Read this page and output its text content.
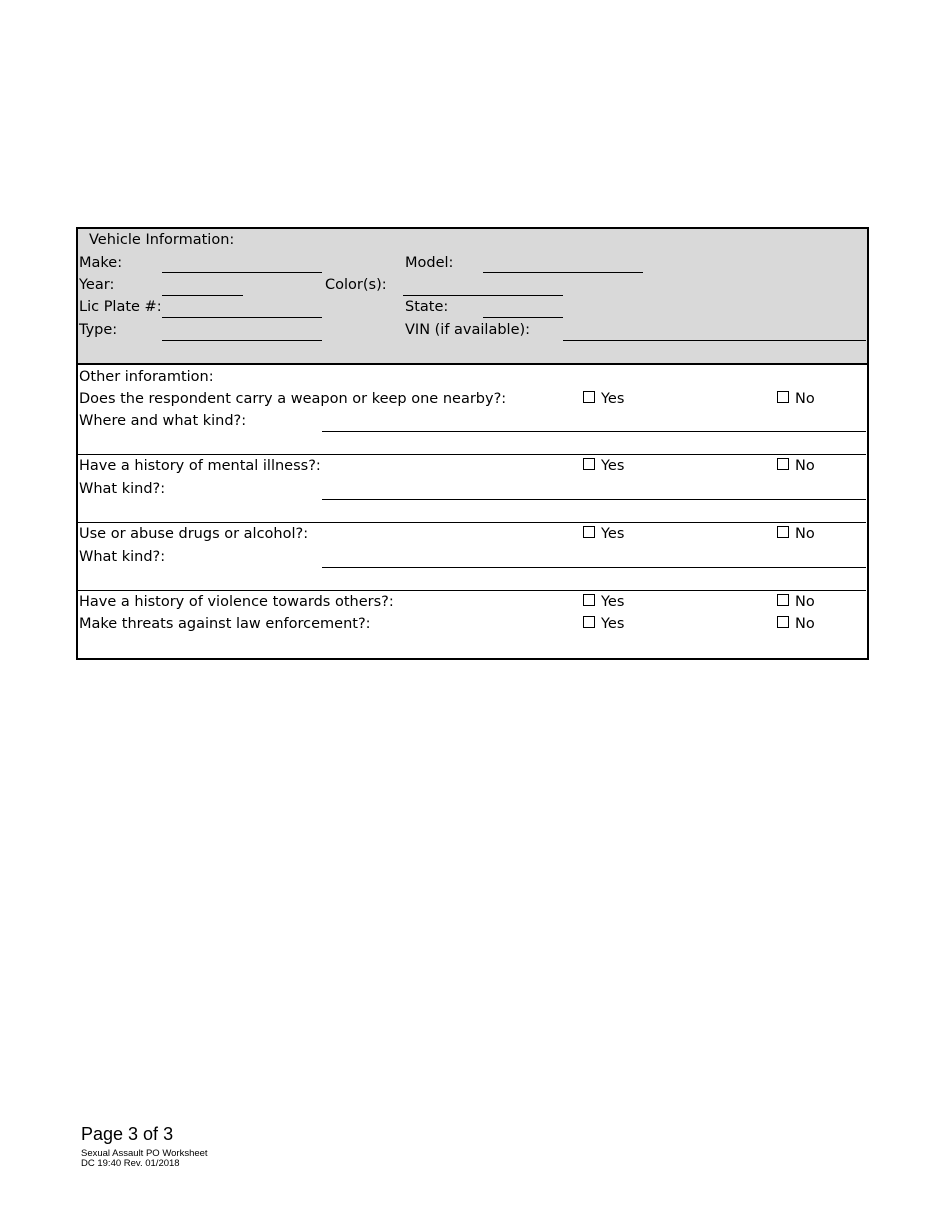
Vehicle Information:
Make:	Model:
Year:	Color(s):
Lic Plate #:	State:
Type:	VIN (if available):
Other inforamtion:
Does the respondent carry a weapon or keep one nearby?:	Yes	No
Where and what kind?:
Have a history of mental illness?:	Yes	No
What kind?:
Use or abuse drugs or alcohol?:	Yes	No
What kind?:
Have a history of violence towards others?:	Yes	No
Make threats against law enforcement?:	Yes	No
Page 3 of 3
Sexual Assault PO Worksheet
DC 19:40 Rev. 01/2018
